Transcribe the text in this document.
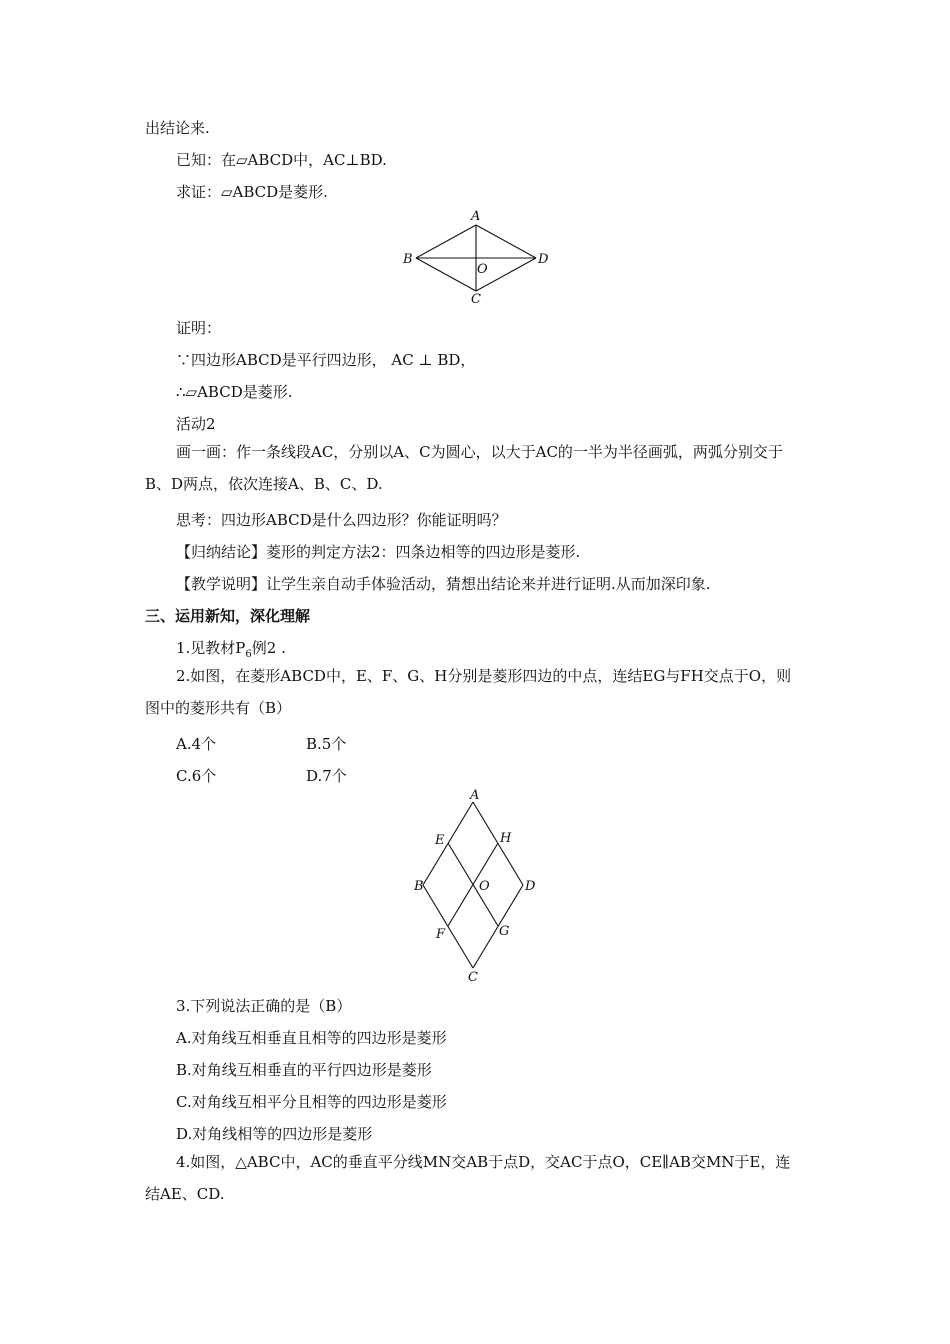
出结论来.
已知：在▱ABCD中，AC⊥BD.
求证：▱ABCD是菱形.
A
B
C
D
O
证明：
∵四边形ABCD是平行四边形， AC ⊥ BD，
∴▱ABCD是菱形.
活动2
画一画：作一条线段AC，分别以A、C为圆心，以大于AC的一半为半径画弧，两弧分别交于B、D两点，依次连接A、B、C、D.
思考：四边形ABCD是什么四边形？你能证明吗？
【归纳结论】菱形的判定方法2：四条边相等的四边形是菱形.
【教学说明】让学生亲自动手体验活动，猜想出结论来并进行证明.从而加深印象.
三、运用新知，深化理解
1.见教材$P_6$例2 .
2.如图，在菱形ABCD中，E、F、G、H分别是菱形四边的中点，连结EG与FH交点于O，则图中的菱形共有（B）
A.4个	B.5个
C.6个	D.7个
A
E	H
B	O	D
F	G
C
3.下列说法正确的是（B）
A.对角线互相垂直且相等的四边形是菱形
B.对角线互相垂直的平行四边形是菱形
C.对角线互相平分且相等的四边形是菱形
D.对角线相等的四边形是菱形
4.如图，△ABC中，AC的垂直平分线MN交AB于点D，交AC于点O，CE∥AB交MN于E，连结AE、CD.
